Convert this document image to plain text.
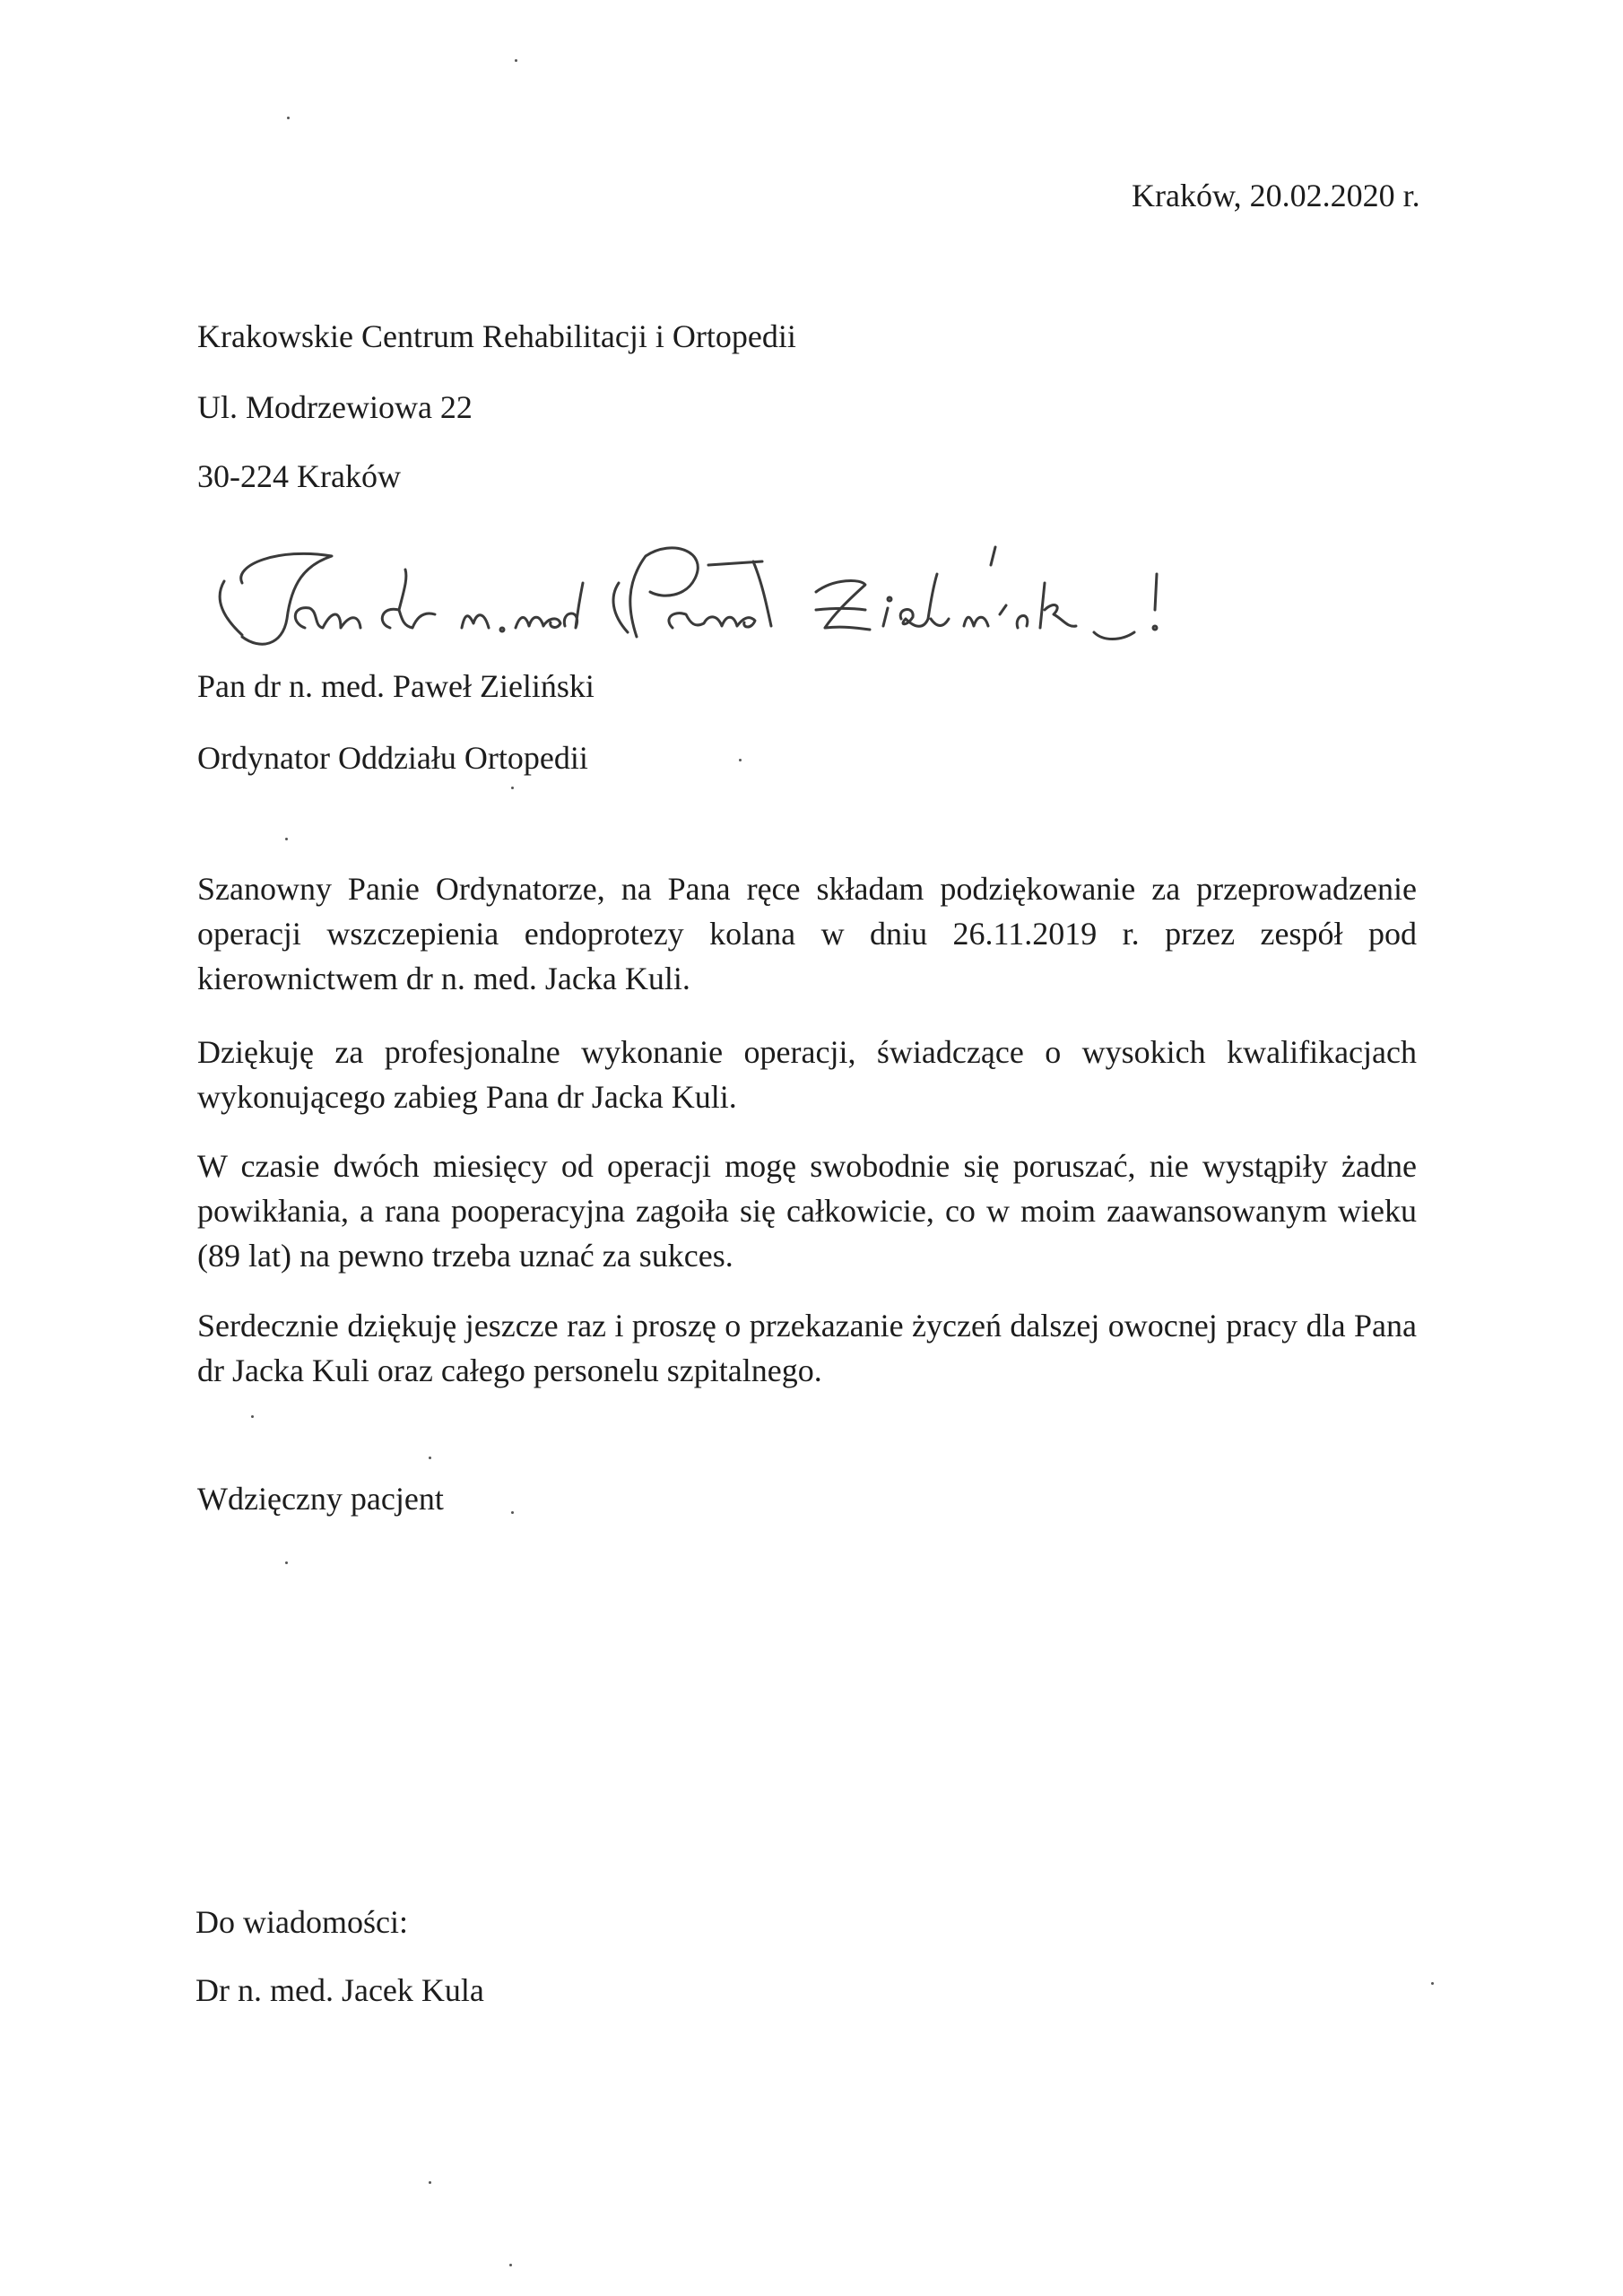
Kraków, 20.02.2020 r.
Krakowskie Centrum Rehabilitacji i Ortopedii
Ul. Modrzewiowa 22
30-224 Kraków
Pan dr n. med. Paweł Zieliński
Ordynator Oddziału Ortopedii

Szanowny Panie Ordynatorze, na Pana ręce składam podziękowanie za przeprowadzenie operacji wszczepienia endoprotezy kolana w dniu 26.11.2019 r. przez zespół pod kierownictwem dr n. med. Jacka Kuli.

Dziękuję za profesjonalne wykonanie operacji, świadczące o wysokich kwalifikacjach wykonującego zabieg Pana dr Jacka Kuli.

W czasie dwóch miesięcy od operacji mogę swobodnie się poruszać, nie wystąpiły żadne powikłania, a rana pooperacyjna zagoiła się całkowicie, co w moim zaawansowanym wieku (89 lat) na pewno trzeba uznać za sukces.

Serdecznie dziękuję jeszcze raz i proszę o przekazanie życzeń dalszej owocnej pracy dla Pana dr Jacka Kuli oraz całego personelu szpitalnego.

Wdzięczny pacjent
Do wiadomości:
Dr n. med. Jacek Kula
